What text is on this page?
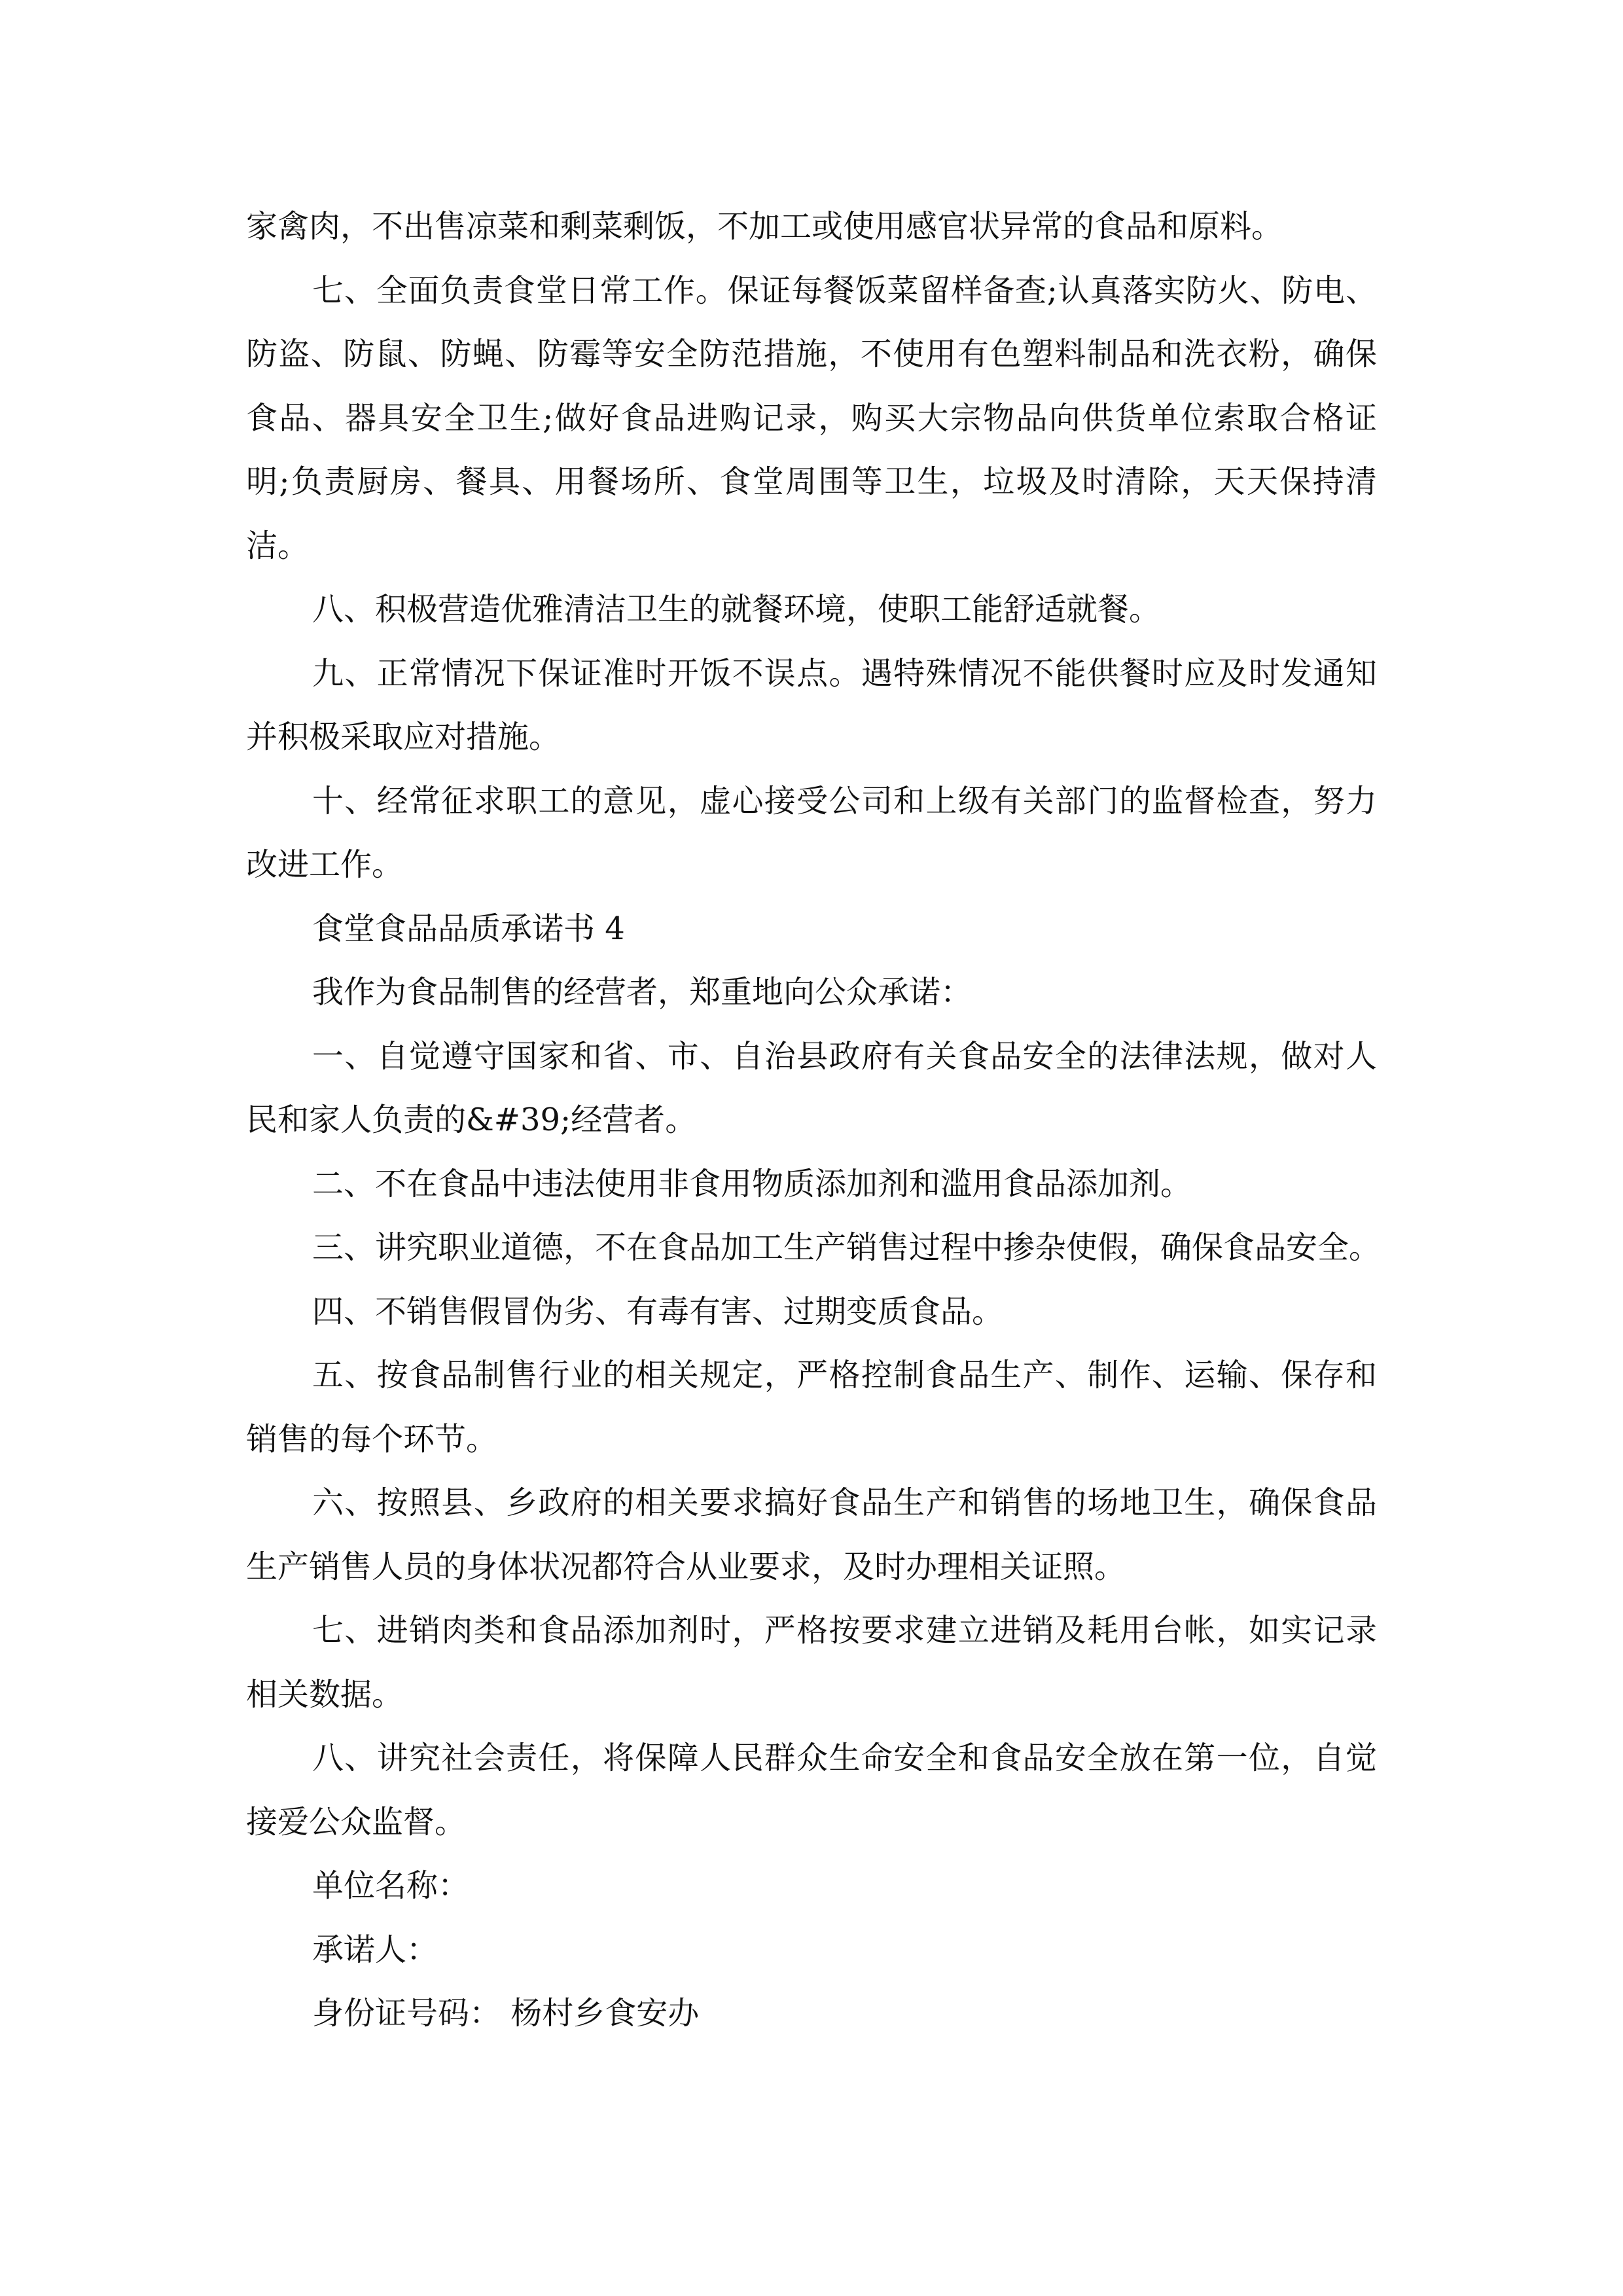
家禽肉，不出售凉菜和剩菜剩饭，不加工或使用感官状异常的食品和原料。
七、全面负责食堂日常工作。保证每餐饭菜留样备查;认真落实防火、防电、
防盗、防鼠、防蝇、防霉等安全防范措施，不使用有色塑料制品和洗衣粉，确保
食品、器具安全卫生;做好食品进购记录，购买大宗物品向供货单位索取合格证
明;负责厨房、餐具、用餐场所、食堂周围等卫生，垃圾及时清除，天天保持清
洁。
八、积极营造优雅清洁卫生的就餐环境，使职工能舒适就餐。
九、正常情况下保证准时开饭不误点。遇特殊情况不能供餐时应及时发通知
并积极采取应对措施。
十、经常征求职工的意见，虚心接受公司和上级有关部门的监督检查，努力
改进工作。
食堂食品品质承诺书 4
我作为食品制售的经营者，郑重地向公众承诺：
一、自觉遵守国家和省、市、自治县政府有关食品安全的法律法规，做对人
民和家人负责的&#39;经营者。
二、不在食品中违法使用非食用物质添加剂和滥用食品添加剂。
三、讲究职业道德，不在食品加工生产销售过程中掺杂使假，确保食品安全。
四、不销售假冒伪劣、有毒有害、过期变质食品。
五、按食品制售行业的相关规定，严格控制食品生产、制作、运输、保存和
销售的每个环节。
六、按照县、乡政府的相关要求搞好食品生产和销售的场地卫生，确保食品
生产销售人员的身体状况都符合从业要求，及时办理相关证照。
七、进销肉类和食品添加剂时，严格按要求建立进销及耗用台帐，如实记录
相关数据。
八、讲究社会责任，将保障人民群众生命安全和食品安全放在第一位，自觉
接爱公众监督。
单位名称：
承诺人：
身份证号码： 杨村乡食安办
